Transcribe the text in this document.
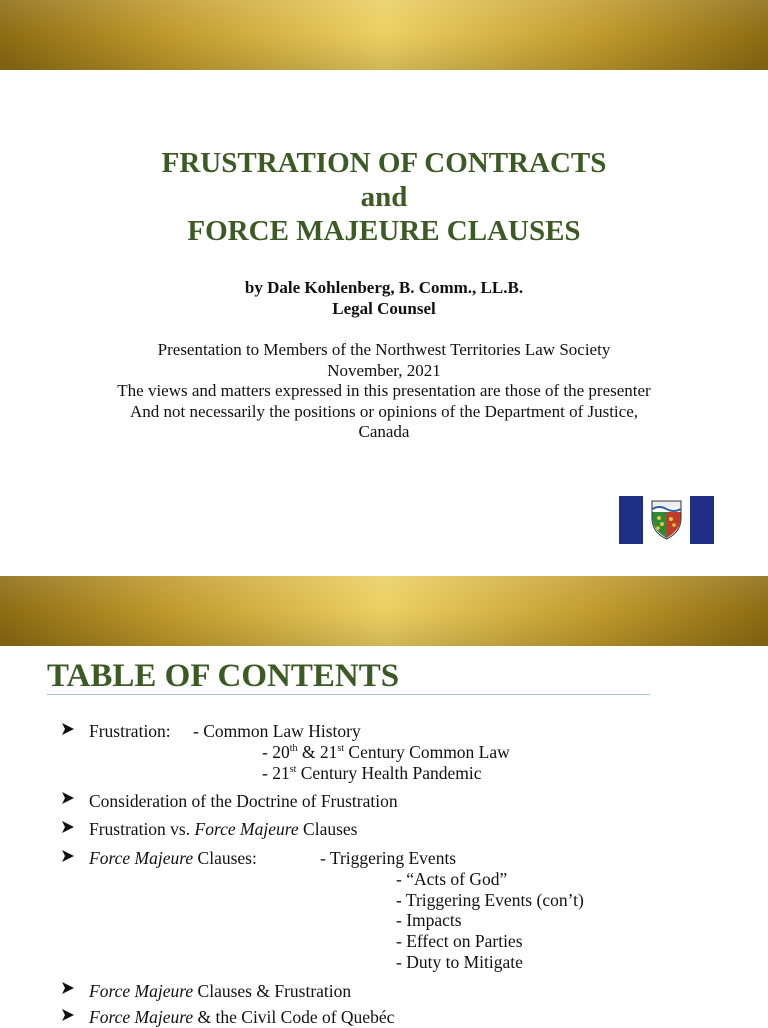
FRUSTRATION OF CONTRACTS
and
FORCE MAJEURE CLAUSES
by Dale Kohlenberg, B. Comm., LL.B.
Legal Counsel
Presentation to Members of the Northwest Territories Law Society
November, 2021
The views and matters expressed in this presentation are those of the presenter
And not necessarily the positions or opinions of the Department of Justice,
Canada
TABLE OF CONTENTS
Frustration: - Common Law History
- 20th & 21st Century Common Law
- 21st Century Health Pandemic
Consideration of the Doctrine of Frustration
Frustration vs. Force Majeure Clauses
Force Majeure Clauses:	- Triggering Events
- “Acts of God”
- Triggering Events (con’t)
- Impacts
- Effect on Parties
- Duty to Mitigate
Force Majeure Clauses & Frustration
Force Majeure & the Civil Code of Quebéc
